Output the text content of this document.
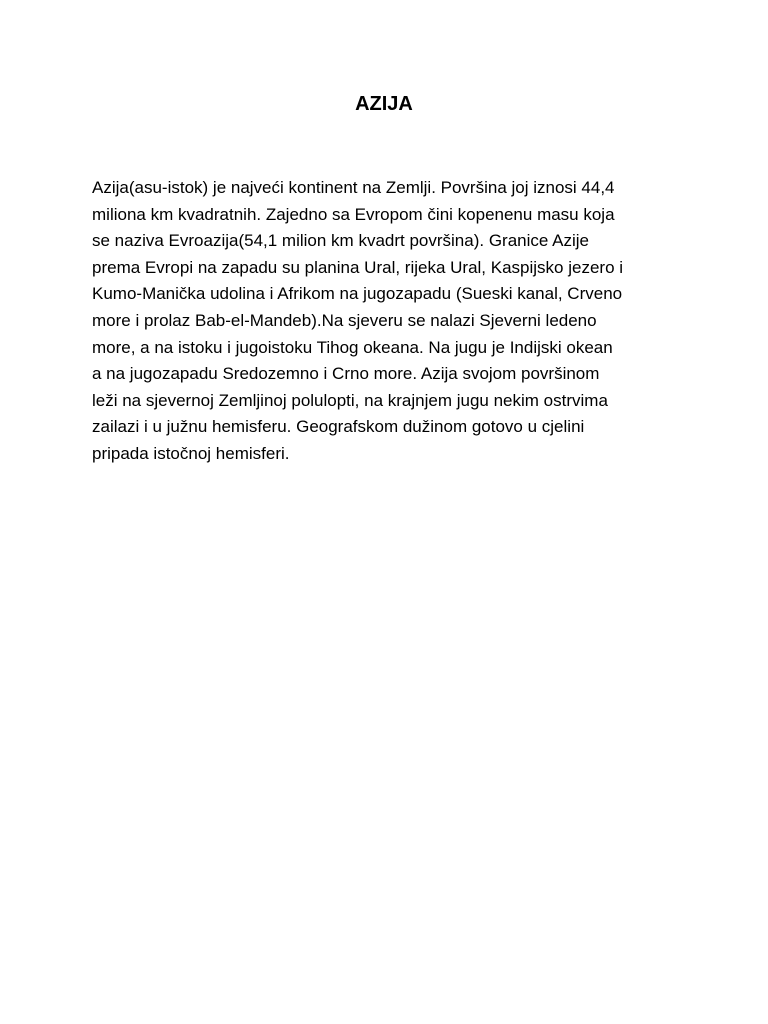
AZIJA
Azija(asu-istok) je najveći kontinent na Zemlji. Površina joj iznosi 44,4
miliona km kvadratnih. Zajedno sa Evropom čini kopenenu masu koja
se naziva Evroazija(54,1 milion km kvadrt površina). Granice Azije
prema Evropi na zapadu su planina Ural, rijeka Ural, Kaspijsko jezero i
Kumo-Manička udolina i Afrikom na jugozapadu (Sueski kanal, Crveno
more i prolaz Bab-el-Mandeb).Na sjeveru se nalazi Sjeverni ledeno
more, a na istoku i jugoistoku Tihog okeana. Na jugu je Indijski okean
a na jugozapadu Sredozemno i Crno more. Azija svojom površinom
leži na sjevernoj Zemljinoj polulopti, na krajnjem jugu nekim ostrvima
zailazi i u južnu hemisferu. Geografskom dužinom gotovo u cjelini
pripada istočnoj hemisferi.
